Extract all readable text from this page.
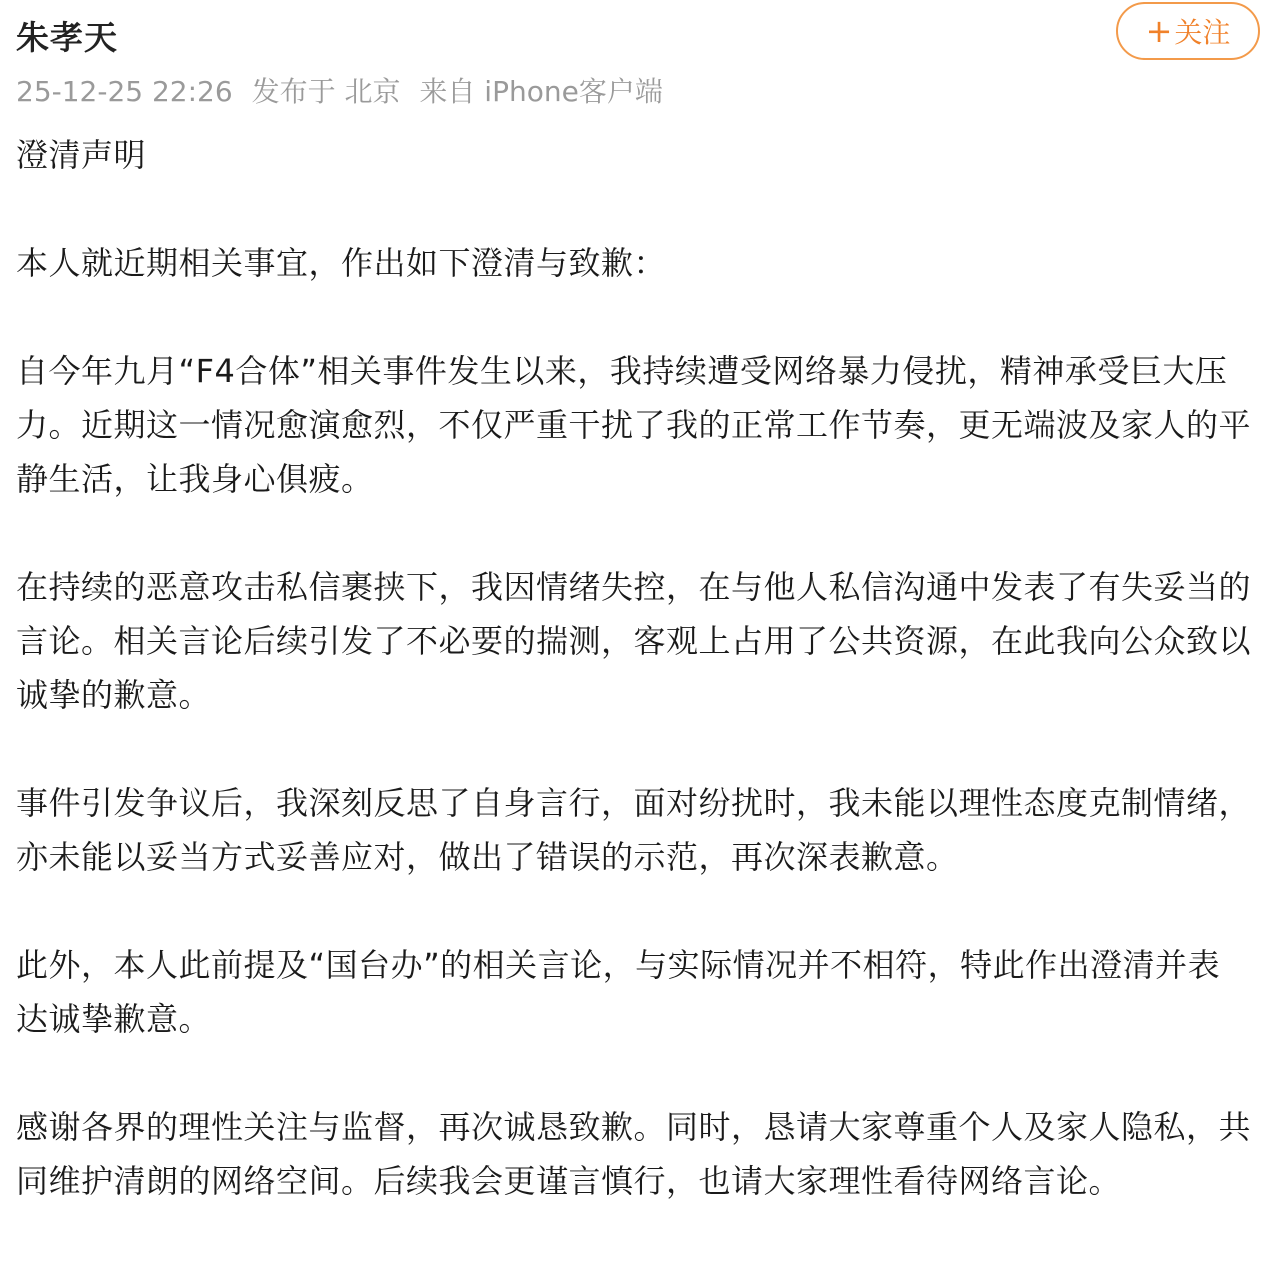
朱孝天
25-12-25 22:26 发布于 北京 来自 iPhone客户端
+ 关注

澄清声明

本人就近期相关事宜，作出如下澄清与致歉：

自今年九月“F4合体”相关事件发生以来，我持续遭受网络暴力侵扰，精神承受巨大压力。近期这一情况愈演愈烈，不仅严重干扰了我的正常工作节奏，更无端波及家人的平静生活，让我身心俱疲。

在持续的恶意攻击私信裹挟下，我因情绪失控，在与他人私信沟通中发表了有失妥当的言论。相关言论后续引发了不必要的揣测，客观上占用了公共资源，在此我向公众致以诚挚的歉意。

事件引发争议后，我深刻反思了自身言行，面对纷扰时，我未能以理性态度克制情绪，亦未能以妥当方式妥善应对，做出了错误的示范，再次深表歉意。

此外，本人此前提及“国台办”的相关言论，与实际情况并不相符，特此作出澄清并表达诚挚歉意。

感谢各界的理性关注与监督，再次诚恳致歉。同时，恳请大家尊重个人及家人隐私，共同维护清朗的网络空间。后续我会更谨言慎行，也请大家理性看待网络言论。
